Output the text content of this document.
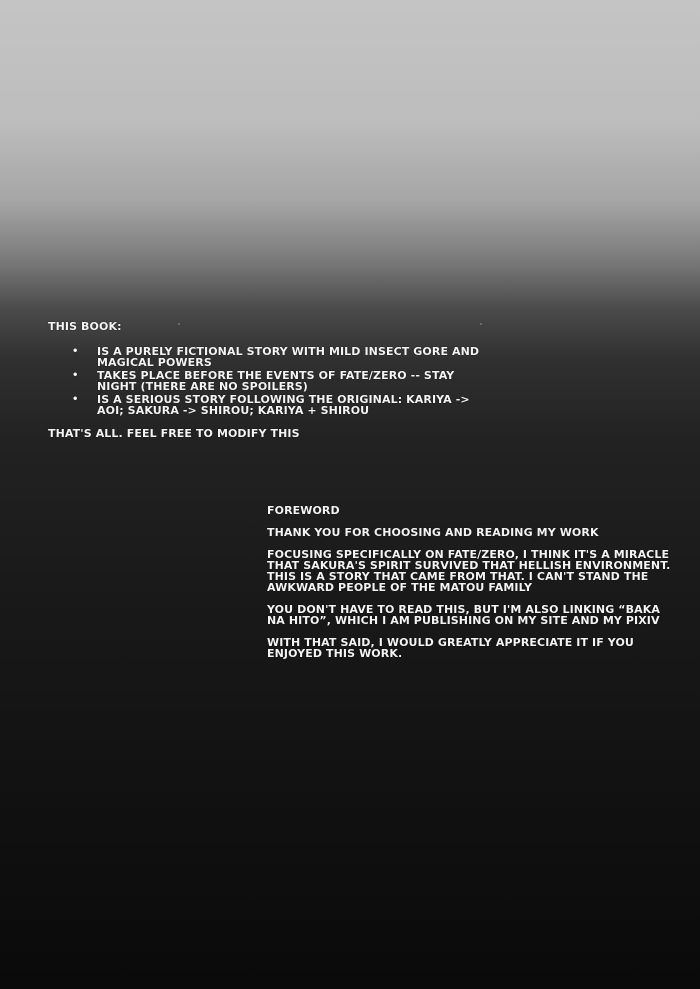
THIS BOOK:

• IS A PURELY FICTIONAL STORY WITH MILD INSECT GORE AND MAGICAL POWERS
• TAKES PLACE BEFORE THE EVENTS OF FATE/ZERO -- STAY NIGHT (THERE ARE NO SPOILERS)
• IS A SERIOUS STORY FOLLOWING THE ORIGINAL: KARIYA -> AOI; SAKURA -> SHIROU; KARIYA + SHIROU

THAT'S ALL. FEEL FREE TO MODIFY THIS

FOREWORD

THANK YOU FOR CHOOSING AND READING MY WORK

FOCUSING SPECIFICALLY ON FATE/ZERO, I THINK IT'S A MIRACLE THAT SAKURA'S SPIRIT SURVIVED THAT HELLISH ENVIRONMENT. THIS IS A STORY THAT CAME FROM THAT. I CAN'T STAND THE AWKWARD PEOPLE OF THE MATOU FAMILY

YOU DON'T HAVE TO READ THIS, BUT I'M ALSO LINKING “BAKA NA HITO”, WHICH I AM PUBLISHING ON MY SITE AND MY PIXIV

WITH THAT SAID, I WOULD GREATLY APPRECIATE IT IF YOU ENJOYED THIS WORK.
